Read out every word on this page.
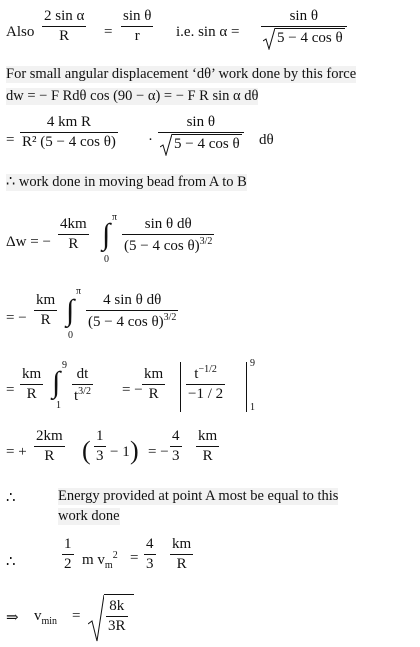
Also $\frac{\text{2 sin α}}{R} = \frac{\text{sin θ}}{r} i.e$. $\sin \alpha = \frac{\text{sin θ}}{\text{5 − 4 cos θ}}$
For small angular displacement ‘dθ’ work done by this force
dw = − F Rdθ cos (90 − α) = − F R sin α dθ
= $\frac{\text{4 km R}}{\text{R² (5 − 4 cos θ)}} \cdot \frac{\text{sin θ}}{\text{5 − 4 cos θ}}$ dθ
∴ work done in moving bead from A to B
Δw = − $\frac{4km}{R}$ ∫
π
0
$\frac{\text{sin θ dθ}}{(5 - 4 \cos \theta)^{3/2}}$
= − $\frac{km}{R}$ ∫
π
0
$\frac{\text{4 sin θ dθ}}{(5 - 4 \cos \theta)^{3/2}}$
= $\frac{km}{R}$ ∫
9
1
$\frac{dt}{t^{3/2}}$ = − $\frac{km}{R} \frac{t^{-1/2}}{-1 / 2}$
9
1
= + $\frac{2km}{R}$ ( $\frac{1}{3} - 1$ ) = − $\frac{4}{3} \frac{km}{R}$
∴	Energy provided at point A most be equal to this
work done
∴	$\frac{1}{2}$ m $v_m^2 = \frac{4}{3} \frac{km}{R}$
⇒ $v_{min} = \frac{8k}{3R}$
